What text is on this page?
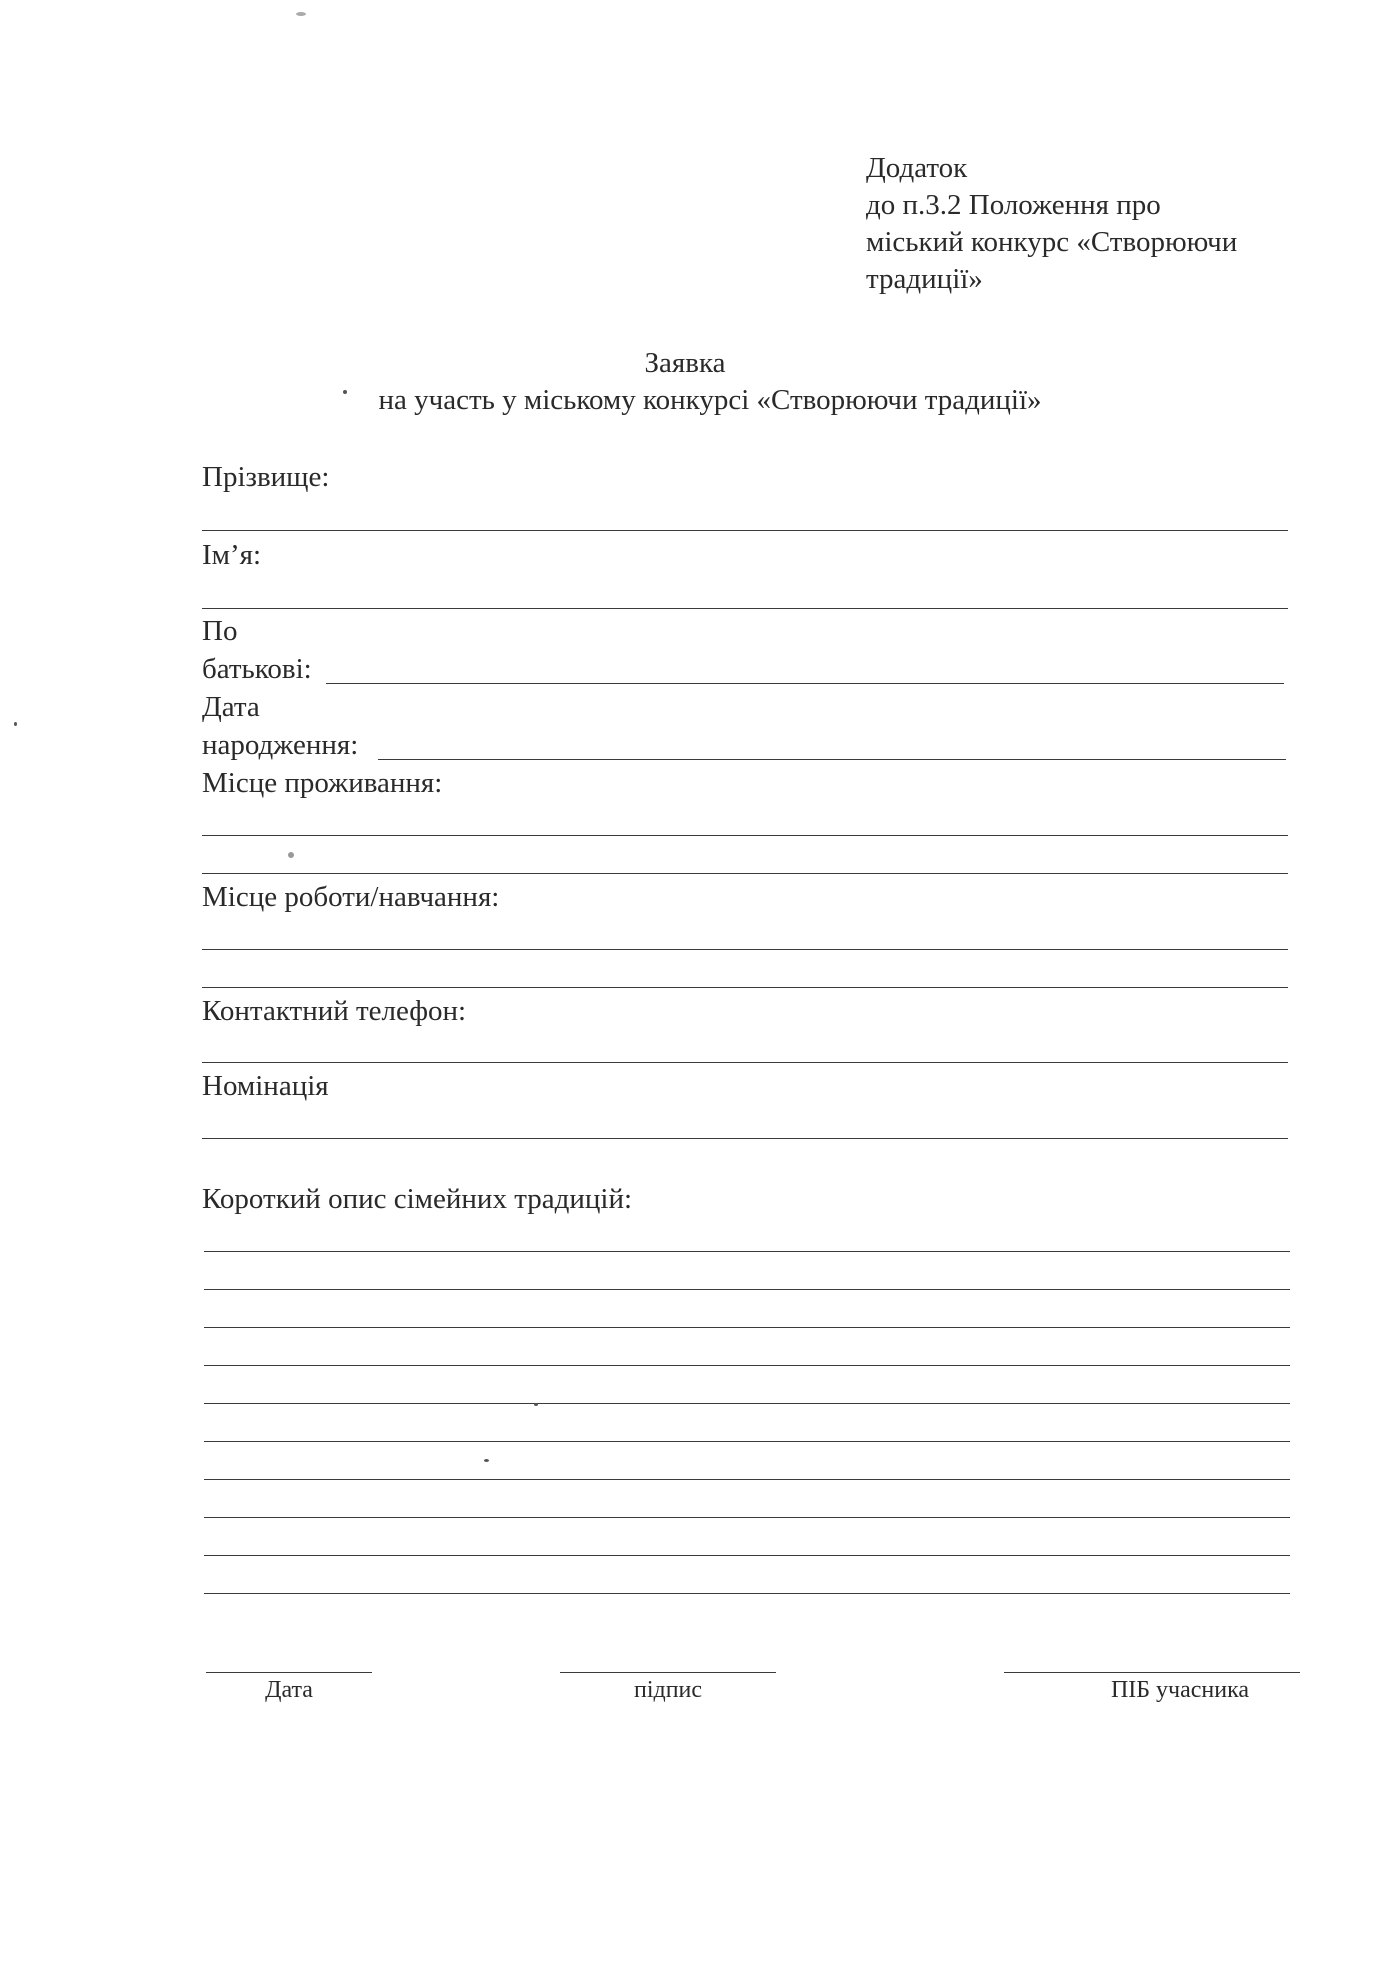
Додаток
до п.3.2 Положення про
міський конкурс «Створюючи
традиції»
Заявка
на участь у міському конкурсі «Створюючи традиції»
Прізвище:
Ім’я:
По
батькові:
Дата
народження:
Місце проживання:
Місце роботи/навчання:
Контактний телефон:
Номінація
Короткий опис сімейних традицій:
Дата	підпис	ПІБ учасника
